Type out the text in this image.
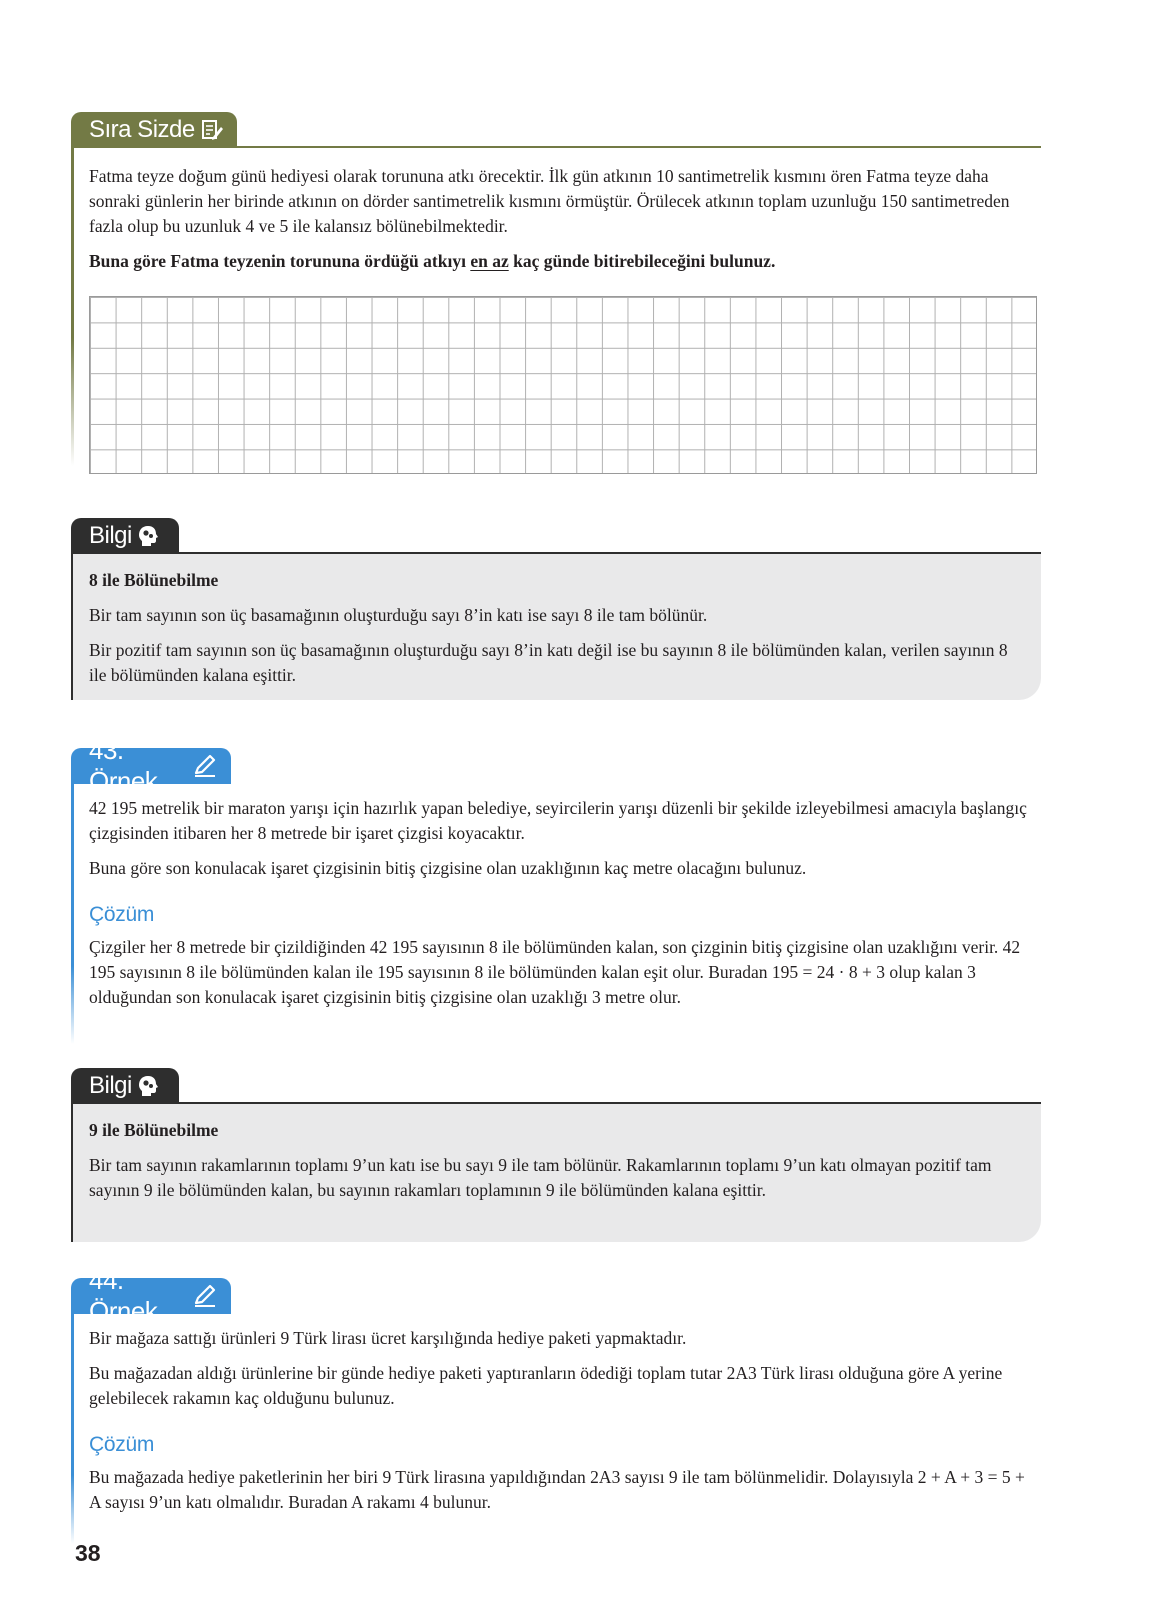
Sıra Sizde

Fatma teyze doğum günü hediyesi olarak torununa atkı örecektir. İlk gün atkının 10 santimetrelik kısmını ören Fatma teyze daha sonraki günlerin her birinde atkının on dörder santimetrelik kısmını örmüştür. Örülecek atkının toplam uzunluğu 150 santimetreden fazla olup bu uzunluk 4 ve 5 ile kalansız bölünebilmektedir.

Buna göre Fatma teyzenin torununa ördüğü atkıyı en az kaç günde bitirebileceğini bulunuz.

Bilgi

8 ile Bölünebilme

Bir tam sayının son üç basamağının oluşturduğu sayı 8’in katı ise sayı 8 ile tam bölünür.

Bir pozitif tam sayının son üç basamağının oluşturduğu sayı 8’in katı değil ise bu sayının 8 ile bölümünden kalan, verilen sayının 8 ile bölümünden kalana eşittir.

43. Örnek

42 195 metrelik bir maraton yarışı için hazırlık yapan belediye, seyircilerin yarışı düzenli bir şekilde izleyebilmesi amacıyla başlangıç çizgisinden itibaren her 8 metrede bir işaret çizgisi koyacaktır.

Buna göre son konulacak işaret çizgisinin bitiş çizgisine olan uzaklığının kaç metre olacağını bulunuz.

Çözüm

Çizgiler her 8 metrede bir çizildiğinden 42 195 sayısının 8 ile bölümünden kalan, son çizginin bitiş çizgisine olan uzaklığını verir. 42 195 sayısının 8 ile bölümünden kalan ile 195 sayısının 8 ile bölümünden kalan eşit olur. Buradan 195 = 24 · 8 + 3 olup kalan 3 olduğundan son konulacak işaret çizgisinin bitiş çizgisine olan uzaklığı 3 metre olur.

Bilgi

9 ile Bölünebilme

Bir tam sayının rakamlarının toplamı 9’un katı ise bu sayı 9 ile tam bölünür. Rakamlarının toplamı 9’un katı olmayan pozitif tam sayının 9 ile bölümünden kalan, bu sayının rakamları toplamının 9 ile bölümünden kalana eşittir.

44. Örnek

Bir mağaza sattığı ürünleri 9 Türk lirası ücret karşılığında hediye paketi yapmaktadır.

Bu mağazadan aldığı ürünlerine bir günde hediye paketi yaptıranların ödediği toplam tutar 2A3 Türk lirası olduğuna göre A yerine gelebilecek rakamın kaç olduğunu bulunuz.

Çözüm

Bu mağazada hediye paketlerinin her biri 9 Türk lirasına yapıldığından 2A3 sayısı 9 ile tam bölünmelidir. Dolayısıyla 2 + A + 3 = 5 + A sayısı 9’un katı olmalıdır. Buradan A rakamı 4 bulunur.

38
